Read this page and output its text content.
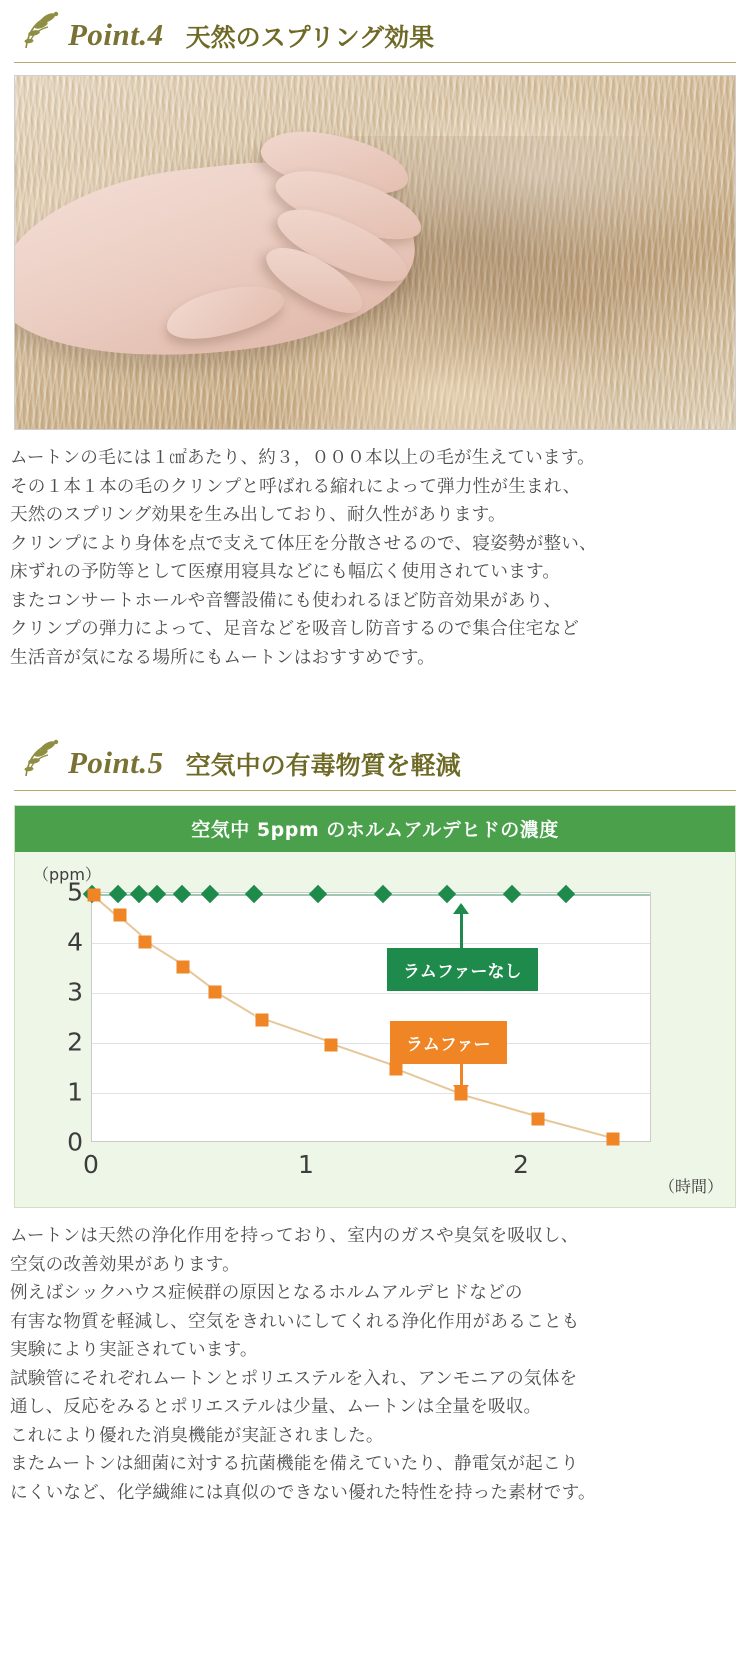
Point.4 天然のスプリング効果

ムートンの毛には１㎠あたり、約３，０００本以上の毛が生えています。

その１本１本の毛のクリンプと呼ばれる縮れによって弾力性が生まれ、

天然のスプリング効果を生み出しており、耐久性があります。

クリンプにより身体を点で支えて体圧を分散させるので、寝姿勢が整い、

床ずれの予防等として医療用寝具などにも幅広く使用されています。

またコンサートホールや音響設備にも使われるほど防音効果があり、

クリンプの弾力によって、足音などを吸音し防音するので集合住宅など

生活音が気になる場所にもムートンはおすすめです。

Point.5 空気中の有毒物質を軽減
空気中 5ppm のホルムアルデヒドの濃度
（ppm）
（時間）
5
4
3
2
1
0
0	1	2
ラムファーなし
ラムファー

ムートンは天然の浄化作用を持っており、室内のガスや臭気を吸収し、

空気の改善効果があります。

例えばシックハウス症候群の原因となるホルムアルデヒドなどの

有害な物質を軽減し、空気をきれいにしてくれる浄化作用があることも

実験により実証されています。

試験管にそれぞれムートンとポリエステルを入れ、アンモニアの気体を

通し、反応をみるとポリエステルは少量、ムートンは全量を吸収。

これにより優れた消臭機能が実証されました。

またムートンは細菌に対する抗菌機能を備えていたり、静電気が起こり

にくいなど、化学繊維には真似のできない優れた特性を持った素材です。
